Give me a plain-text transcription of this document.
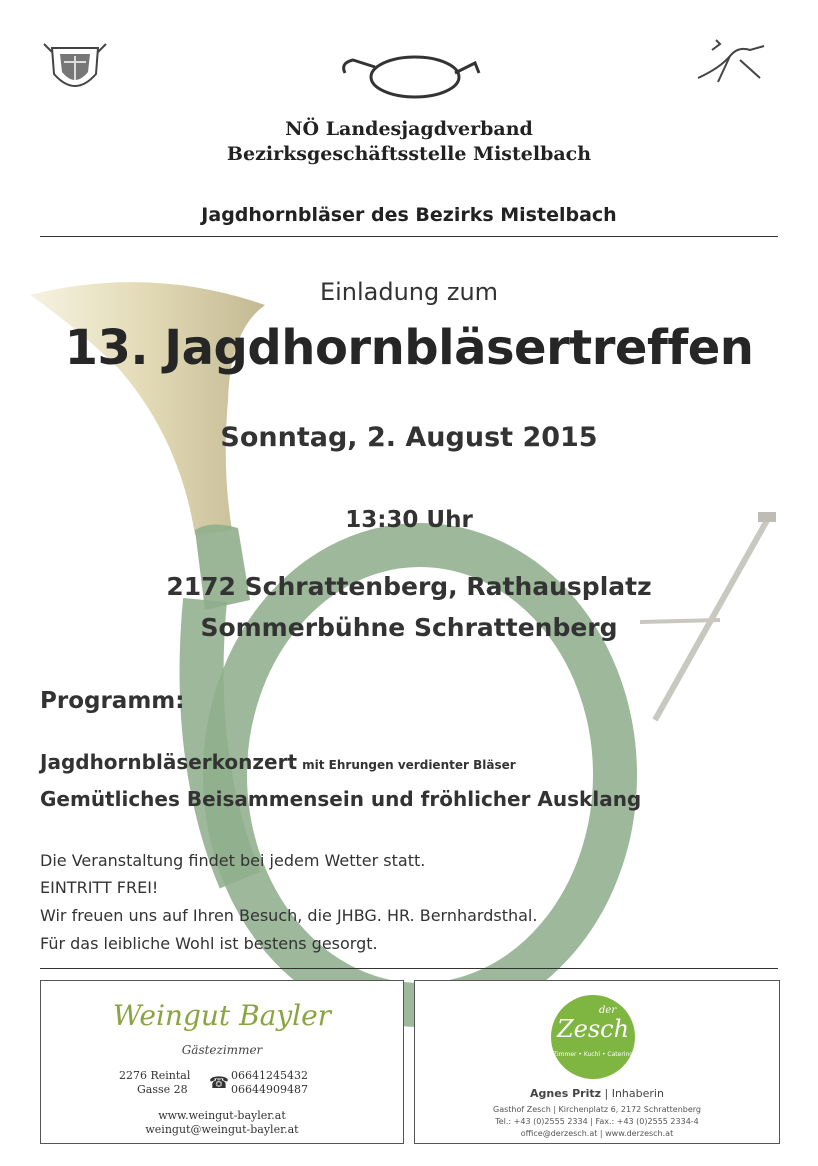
NÖ Landesjagdverband
Bezirksgeschäftsstelle Mistelbach
Jagdhornbläser des Bezirks Mistelbach
Einladung zum
13. Jagdhornbläsertreffen
Sonntag, 2. August 2015
13:30 Uhr
2172 Schrattenberg, Rathausplatz
Sommerbühne Schrattenberg
Programm:
Jagdhornbläserkonzert mit Ehrungen verdienter Bläser
Gemütliches Beisammensein und fröhlicher Ausklang
Die Veranstaltung findet bei jedem Wetter statt.
EINTRITT FREI!
Wir freuen uns auf Ihren Besuch, die JHBG. HR. Bernhardsthal.
Für das leibliche Wohl ist bestens gesorgt.
Weingut Bayler
Gästezimmer
2276 Reintal
Gasse 28 ☎ 06641245432
06644909487
www.weingut-bayler.at
weingut@weingut-bayler.at
der
Zesch
Zimmer • Kuchl • Catering
Agnes Pritz | Inhaberin
Gasthof Zesch | Kirchenplatz 6, 2172 Schrattenberg
Tel.: +43 (0)2555 2334 | Fax.: +43 (0)2555 2334-4
office@derzesch.at | www.derzesch.at
